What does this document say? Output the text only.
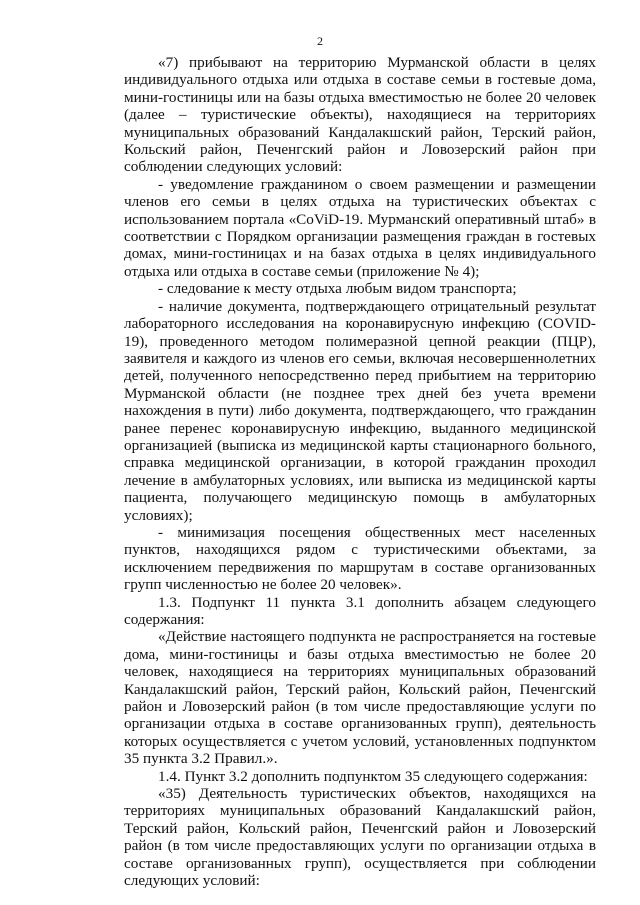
2

«7) прибывают на территорию Мурманской области в целях индивидуального отдыха или отдыха в составе семьи в гостевые дома, мини-гостиницы или на базы отдыха вместимостью не более 20 человек (далее – туристические объекты), находящиеся на территориях муниципальных образований Кандалакшский район, Терский район, Кольский район, Печенгский район и Ловозерский район при соблюдении следующих условий:

- уведомление гражданином о своем размещении и размещении членов его семьи в целях отдыха на туристических объектах с использованием портала «CoViD-19. Мурманский оперативный штаб» в соответствии с Порядком организации размещения граждан в гостевых домах, мини-гостиницах и на базах отдыха в целях индивидуального отдыха или отдыха в составе семьи (приложение № 4);

- следование к месту отдыха любым видом транспорта;

- наличие документа, подтверждающего отрицательный результат лабораторного исследования на коронавирусную инфекцию (COVID-19), проведенного методом полимеразной цепной реакции (ПЦР), заявителя и каждого из членов его семьи, включая несовершеннолетних детей, полученного непосредственно перед прибытием на территорию Мурманской области (не позднее трех дней без учета времени нахождения в пути) либо документа, подтверждающего, что гражданин ранее перенес коронавирусную инфекцию, выданного медицинской организацией (выписка из медицинской карты стационарного больного, справка медицинской организации, в которой гражданин проходил лечение в амбулаторных условиях, или выписка из медицинской карты пациента, получающего медицинскую помощь в амбулаторных условиях);

- минимизация посещения общественных мест населенных пунктов, находящихся рядом с туристическими объектами, за исключением передвижения по маршрутам в составе организованных групп численностью не более 20 человек».

1.3. Подпункт 11 пункта 3.1 дополнить абзацем следующего содержания:

«Действие настоящего подпункта не распространяется на гостевые дома, мини-гостиницы и базы отдыха вместимостью не более 20 человек, находящиеся на территориях муниципальных образований Кандалакшский район, Терский район, Кольский район, Печенгский район и Ловозерский район (в том числе предоставляющие услуги по организации отдыха в составе организованных групп), деятельность которых осуществляется с учетом условий, установленных подпунктом 35 пункта 3.2 Правил.».

1.4. Пункт 3.2 дополнить подпунктом 35 следующего содержания:

«35) Деятельность туристических объектов, находящихся на территориях муниципальных образований Кандалакшский район, Терский район, Кольский район, Печенгский район и Ловозерский район (в том числе предоставляющих услуги по организации отдыха в составе организованных групп), осуществляется при соблюдении следующих условий:
